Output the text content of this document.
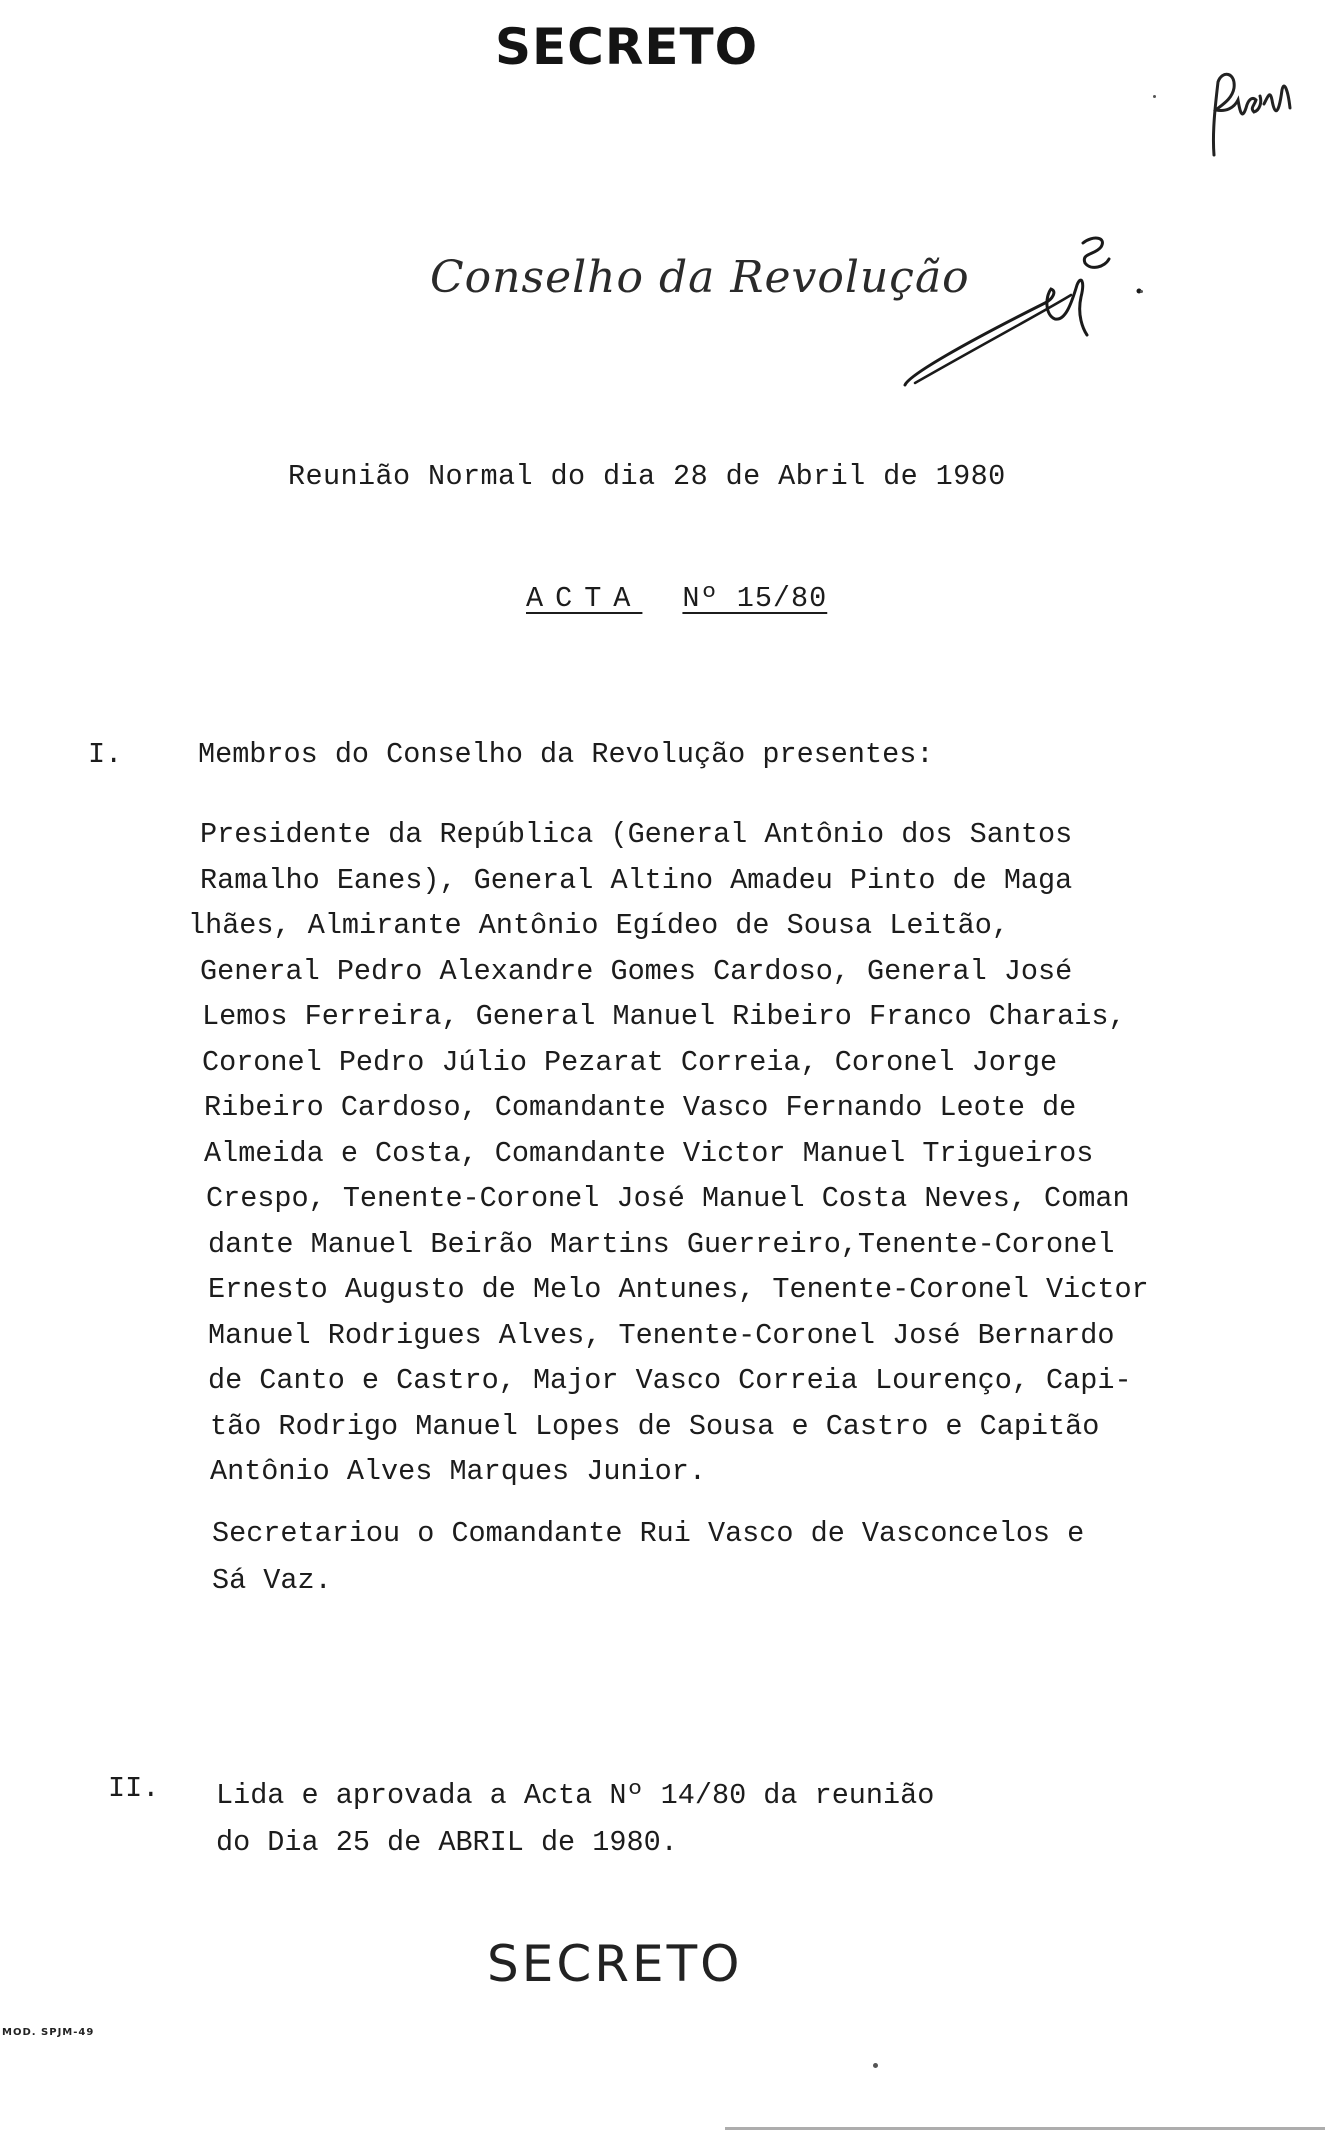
SECRETO
Conselho da Revolução
Reunião Normal do dia 28 de Abril de 1980
ACTA Nº 15/80
I.	Membros do Conselho da Revolução presentes:
Presidente da República (General Antônio dos Santos
Ramalho Eanes), General Altino Amadeu Pinto de Maga
lhães, Almirante Antônio Egídeo de Sousa Leitão,
General Pedro Alexandre Gomes Cardoso, General José
Lemos Ferreira, General Manuel Ribeiro Franco Charais,
Coronel Pedro Júlio Pezarat Correia, Coronel Jorge
Ribeiro Cardoso, Comandante Vasco Fernando Leote de
Almeida e Costa, Comandante Victor Manuel Trigueiros
Crespo, Tenente-Coronel José Manuel Costa Neves, Coman
dante Manuel Beirão Martins Guerreiro,Tenente-Coronel
Ernesto Augusto de Melo Antunes, Tenente-Coronel Victor
Manuel Rodrigues Alves, Tenente-Coronel José Bernardo
de Canto e Castro, Major Vasco Correia Lourenço, Capi-
tão Rodrigo Manuel Lopes de Sousa e Castro e Capitão
Antônio Alves Marques Junior.
Secretariou o Comandante Rui Vasco de Vasconcelos e
Sá Vaz.
II. Lida e aprovada a Acta Nº 14/80 da reunião
do Dia 25 de ABRIL de 1980.
SECRETO
MOD. SPJM-49
